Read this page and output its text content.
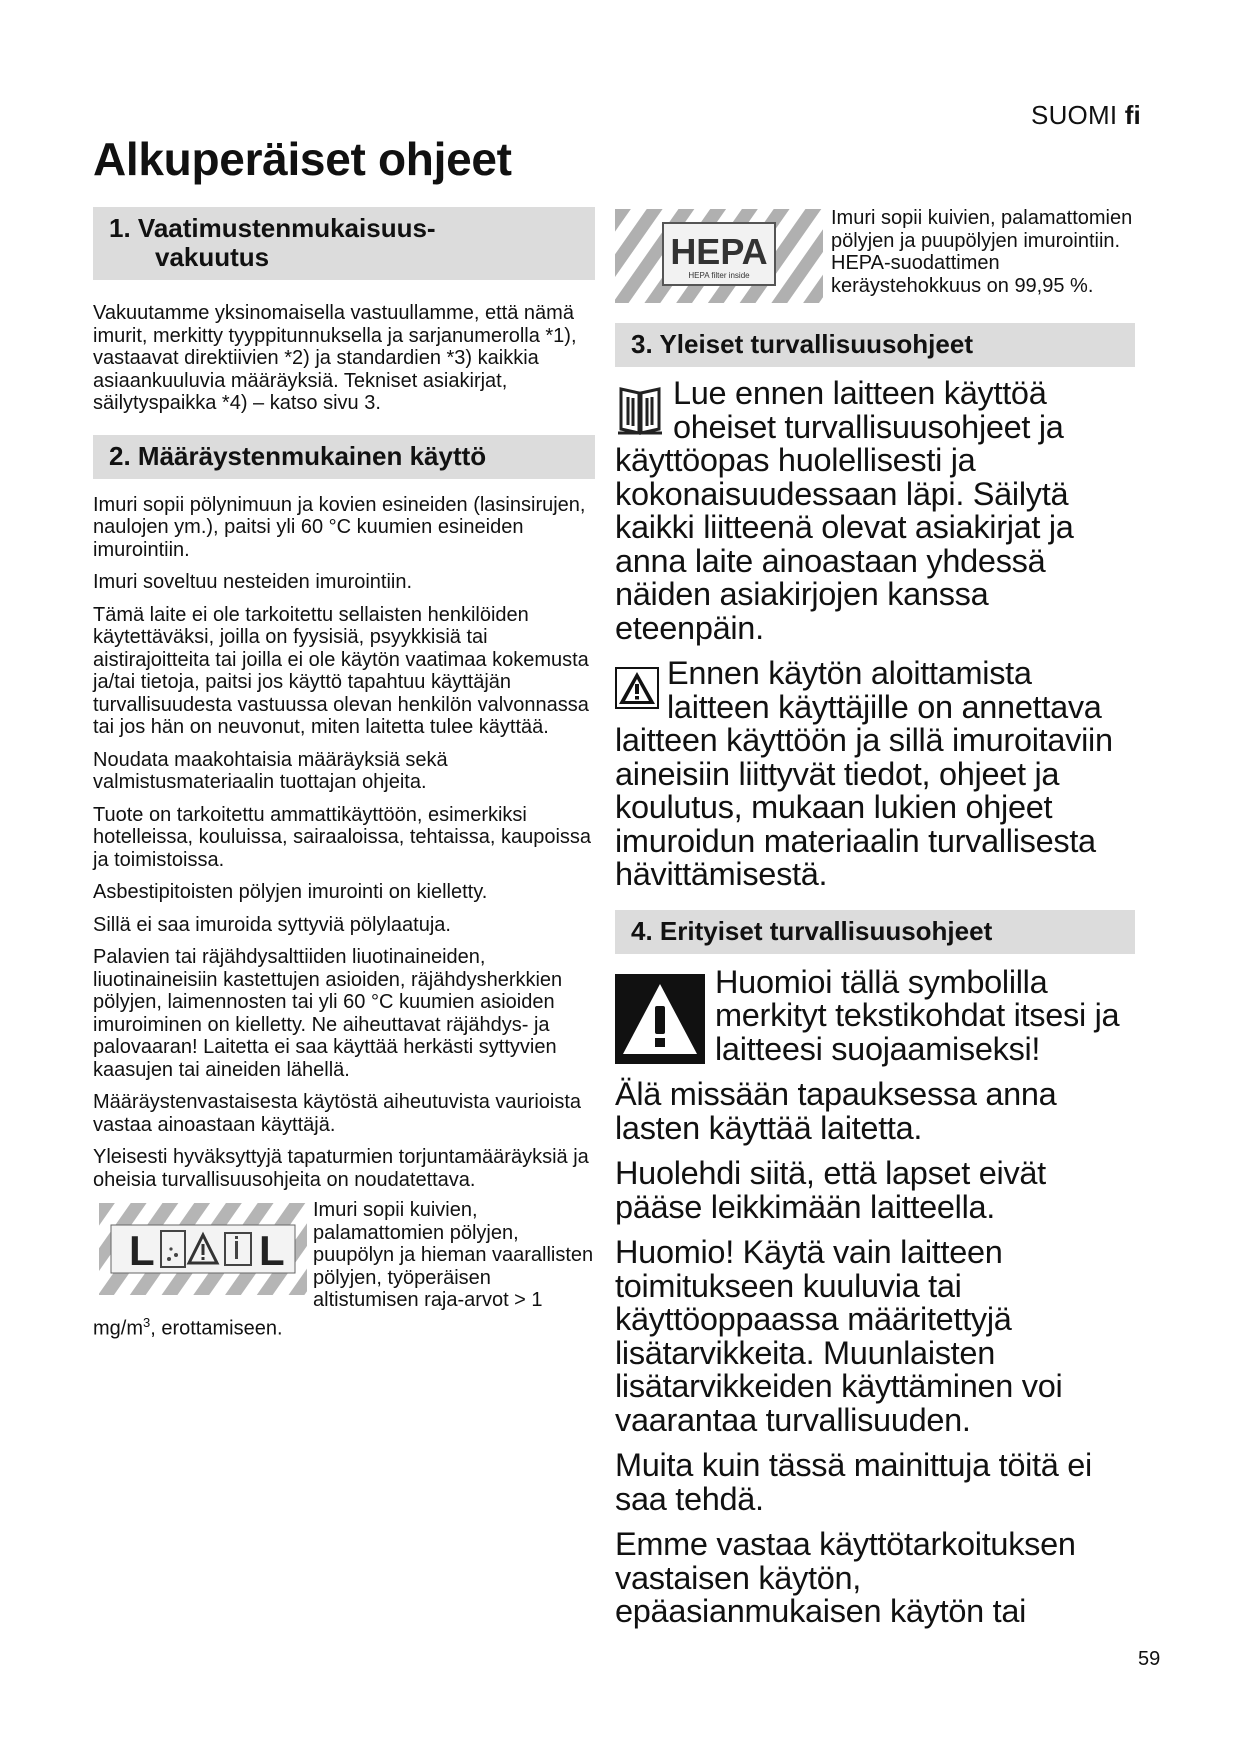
SUOMI fi
Alkuperäiset ohjeet
1. Vaatimustenmukaisuus-
vakuutus

Vakuutamme yksinomaisella vastuullamme, että nämä imurit, merkitty tyyppitunnuksella ja sarjanumerolla *1), vastaavat direktiivien *2) ja standardien *3) kaikkia asiaankuuluvia määräyksiä. Tekniset asiakirjat, säilytyspaikka *4) – katso sivu 3.

2. Määräystenmukainen käyttö

Imuri sopii pölynimuun ja kovien esineiden (lasinsirujen, naulojen ym.), paitsi yli 60 °C kuumien esineiden imurointiin.

Imuri soveltuu nesteiden imurointiin.

Tämä laite ei ole tarkoitettu sellaisten henkilöiden käytettäväksi, joilla on fyysisiä, psyykkisiä tai aistirajoitteita tai joilla ei ole käytön vaatimaa kokemusta ja/tai tietoja, paitsi jos käyttö tapahtuu käyttäjän turvallisuudesta vastuussa olevan henkilön valvonnassa tai jos hän on neuvonut, miten laitetta tulee käyttää.

Noudata maakohtaisia määräyksiä sekä valmistusmateriaalin tuottajan ohjeita.

Tuote on tarkoitettu ammattikäyttöön, esimerkiksi hotelleissa, kouluissa, sairaaloissa, tehtaissa, kaupoissa ja toimistoissa.

Asbestipitoisten pölyjen imurointi on kielletty.

Sillä ei saa imuroida syttyviä pölylaatuja.

Palavien tai räjähdysalttiiden liuotinaineiden, liuotinaineisiin kastettujen asioiden, räjähdysherkkien pölyjen, laimennosten tai yli 60 °C kuumien asioiden imuroiminen on kielletty. Ne aiheuttavat räjähdys- ja palovaaran! Laitetta ei saa käyttää herkästi syttyvien kaasujen tai aineiden lähellä.

Määräystenvastaisesta käytöstä aiheutuvista vaurioista vastaa ainoastaan käyttäjä.

Yleisesti hyväksyttyjä tapaturmien torjuntamääräyksiä ja oheisia turvallisuusohjeita on noudatettava.

L L

Imuri sopii kuivien, palamattomien pölyjen, puupölyn ja hieman vaarallisten pölyjen, työperäisen altistumisen raja-arvot > 1 $mg/m^3$, erottamiseen.

HEPA
HEPA filter inside

Imuri sopii kuivien, palamattomien pölyjen ja puupölyjen imurointiin. HEPA-suodattimen keräystehokkuus on 99,95 %.

3. Yleiset turvallisuusohjeet

Lue ennen laitteen käyttöä oheiset turvallisuusohjeet ja käyttöopas huolellisesti ja kokonaisuudessaan läpi. Säilytä kaikki liitteenä olevat asiakirjat ja anna laite ainoastaan yhdessä näiden asiakirjojen kanssa eteenpäin.

Ennen käytön aloittamista laitteen käyttäjille on annettava laitteen käyttöön ja sillä imuroitaviin aineisiin liittyvät tiedot, ohjeet ja koulutus, mukaan lukien ohjeet imuroidun materiaalin turvallisesta hävittämisestä.

4. Erityiset turvallisuusohjeet

Huomioi tällä symbolilla merkityt tekstikohdat itsesi ja laitteesi suojaamiseksi!

Älä missään tapauksessa anna lasten käyttää laitetta.

Huolehdi siitä, että lapset eivät pääse leikkimään laitteella.

Huomio! Käytä vain laitteen toimitukseen kuuluvia tai käyttöoppaassa määritettyjä lisätarvikkeita. Muunlaisten lisätarvikkeiden käyttäminen voi vaarantaa turvallisuuden.

Muita kuin tässä mainittuja töitä ei saa tehdä.

Emme vastaa käyttötarkoituksen vastaisen käytön, epäasianmukaisen käytön tai

59
